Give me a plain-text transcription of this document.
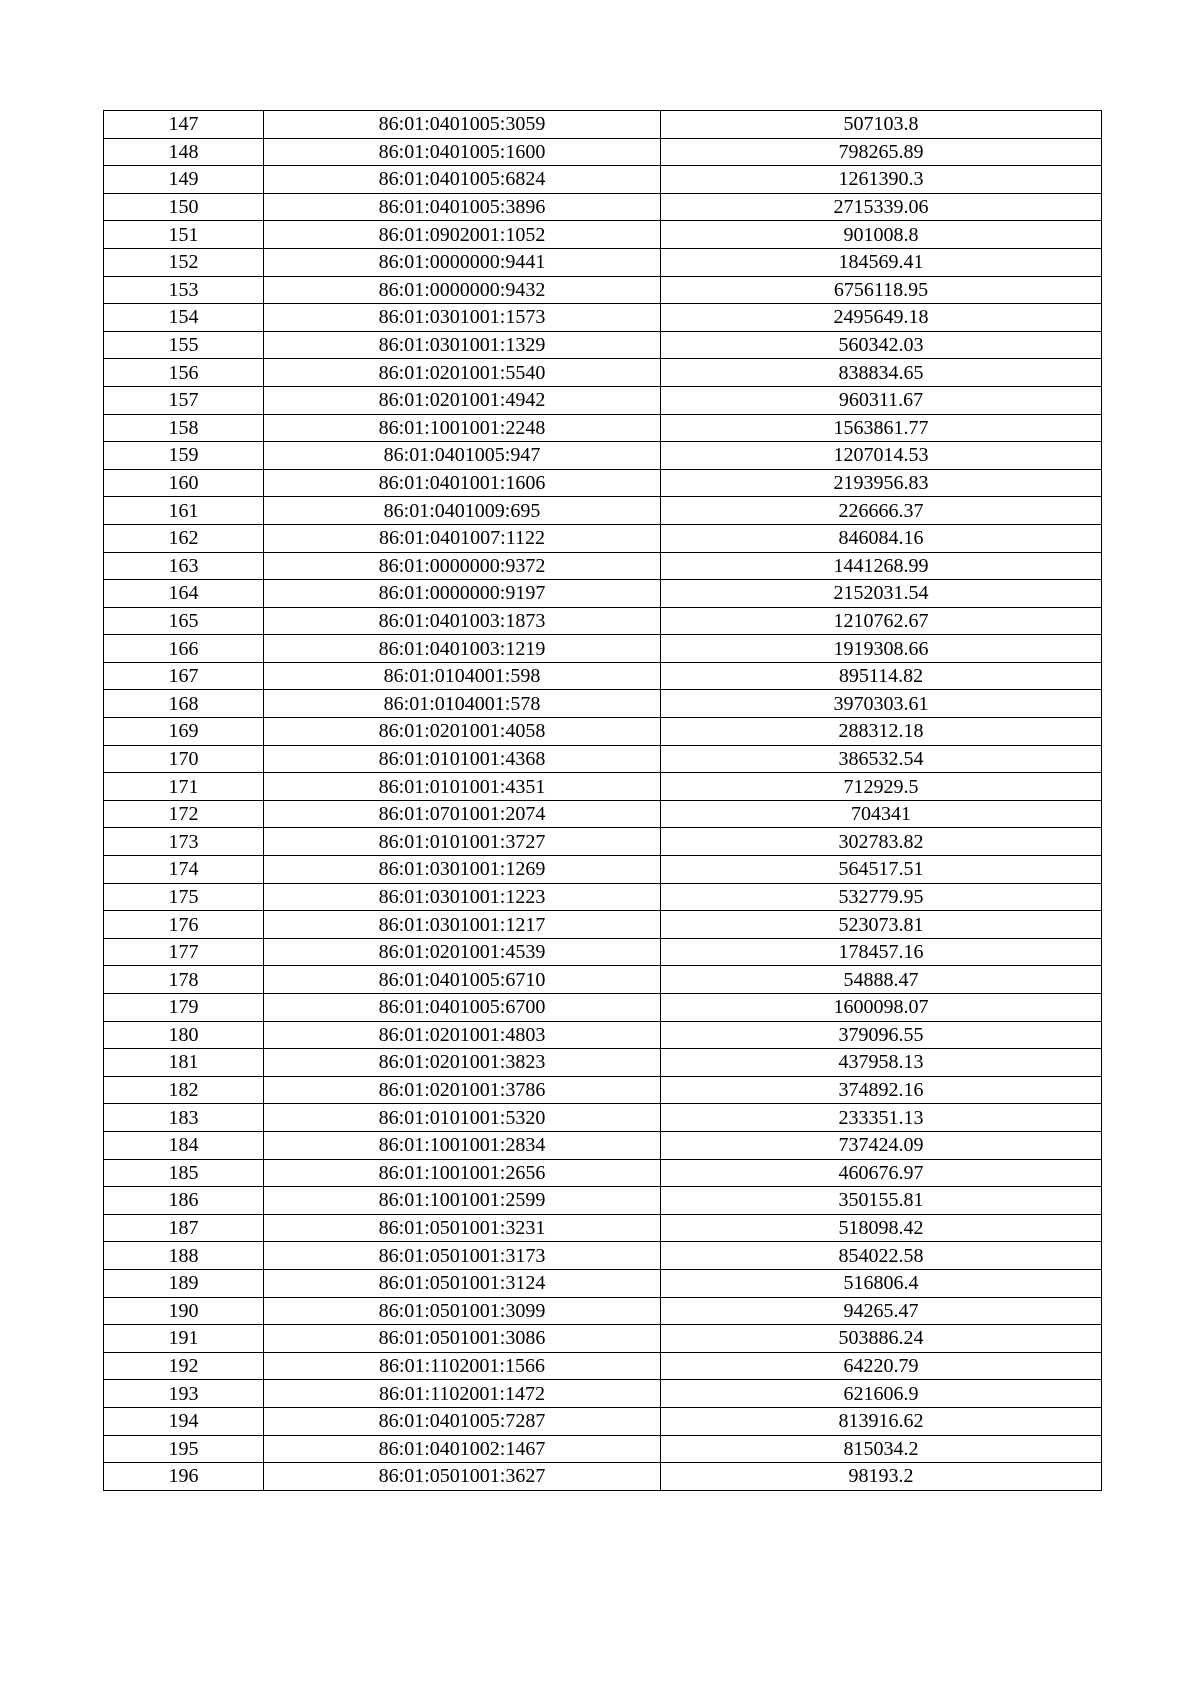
147	86:01:0401005:3059	507103.8
148	86:01:0401005:1600	798265.89
149	86:01:0401005:6824	1261390.3
150	86:01:0401005:3896	2715339.06
151	86:01:0902001:1052	901008.8
152	86:01:0000000:9441	184569.41
153	86:01:0000000:9432	6756118.95
154	86:01:0301001:1573	2495649.18
155	86:01:0301001:1329	560342.03
156	86:01:0201001:5540	838834.65
157	86:01:0201001:4942	960311.67
158	86:01:1001001:2248	1563861.77
159	86:01:0401005:947	1207014.53
160	86:01:0401001:1606	2193956.83
161	86:01:0401009:695	226666.37
162	86:01:0401007:1122	846084.16
163	86:01:0000000:9372	1441268.99
164	86:01:0000000:9197	2152031.54
165	86:01:0401003:1873	1210762.67
166	86:01:0401003:1219	1919308.66
167	86:01:0104001:598	895114.82
168	86:01:0104001:578	3970303.61
169	86:01:0201001:4058	288312.18
170	86:01:0101001:4368	386532.54
171	86:01:0101001:4351	712929.5
172	86:01:0701001:2074	704341
173	86:01:0101001:3727	302783.82
174	86:01:0301001:1269	564517.51
175	86:01:0301001:1223	532779.95
176	86:01:0301001:1217	523073.81
177	86:01:0201001:4539	178457.16
178	86:01:0401005:6710	54888.47
179	86:01:0401005:6700	1600098.07
180	86:01:0201001:4803	379096.55
181	86:01:0201001:3823	437958.13
182	86:01:0201001:3786	374892.16
183	86:01:0101001:5320	233351.13
184	86:01:1001001:2834	737424.09
185	86:01:1001001:2656	460676.97
186	86:01:1001001:2599	350155.81
187	86:01:0501001:3231	518098.42
188	86:01:0501001:3173	854022.58
189	86:01:0501001:3124	516806.4
190	86:01:0501001:3099	94265.47
191	86:01:0501001:3086	503886.24
192	86:01:1102001:1566	64220.79
193	86:01:1102001:1472	621606.9
194	86:01:0401005:7287	813916.62
195	86:01:0401002:1467	815034.2
196	86:01:0501001:3627	98193.2
